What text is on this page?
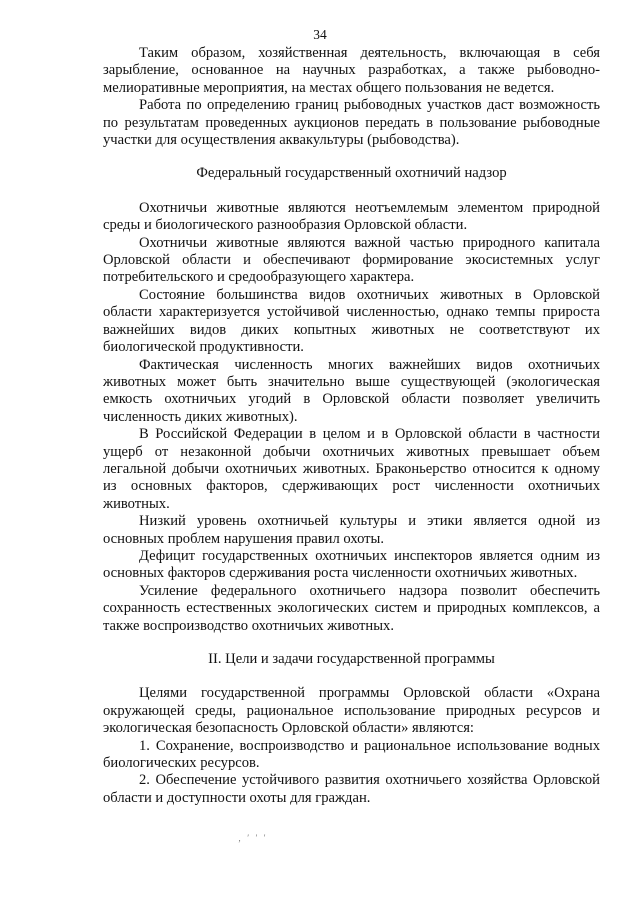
34

Таким образом, хозяйственная деятельность, включающая в себя зарыбление, основанное на научных разработках, а также рыбоводно-мелиоративные мероприятия, на местах общего пользования не ведется.

Работа по определению границ рыбоводных участков даст возможность по результатам проведенных аукционов передать в пользование рыбоводные участки для осуществления аквакультуры (рыбоводства).

Федеральный государственный охотничий надзор

Охотничьи животные являются неотъемлемым элементом природной среды и биологического разнообразия Орловской области.

Охотничьи животные являются важной частью природного капитала Орловской области и обеспечивают формирование экосистемных услуг потребительского и средообразующего характера.

Состояние большинства видов охотничьих животных в Орловской области характеризуется устойчивой численностью, однако темпы прироста важнейших видов диких копытных животных не соответствуют их биологической продуктивности.

Фактическая численность многих важнейших видов охотничьих животных может быть значительно выше существующей (экологическая емкость охотничьих угодий в Орловской области позволяет увеличить численность диких животных).

В Российской Федерации в целом и в Орловской области в частности ущерб от незаконной добычи охотничьих животных превышает объем легальной добычи охотничьих животных. Браконьерство относится к одному из основных факторов, сдерживающих рост численности охотничьих животных.

Низкий уровень охотничьей культуры и этики является одной из основных проблем нарушения правил охоты.

Дефицит государственных охотничьих инспекторов является одним из основных факторов сдерживания роста численности охотничьих животных.

Усиление федерального охотничьего надзора позволит обеспечить сохранность естественных экологических систем и природных комплексов, а также воспроизводство охотничьих животных.

II. Цели и задачи государственной программы

Целями государственной программы Орловской области «Охрана окружающей среды, рациональное использование природных ресурсов и экологическая безопасность Орловской области» являются:

1. Сохранение, воспроизводство и рациональное использование водных биологических ресурсов.

2. Обеспечение устойчивого развития охотничьего хозяйства Орловской области и доступности охоты для граждан.

‚ ′ ′ ′
